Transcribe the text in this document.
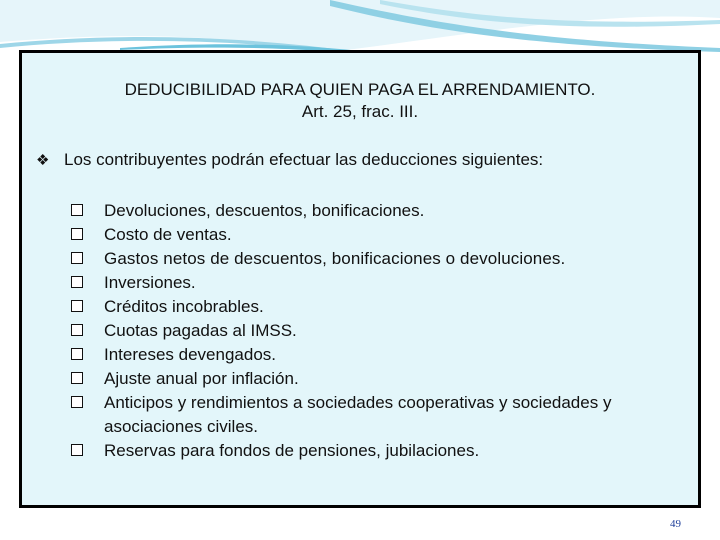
DEDUCIBILIDAD PARA QUIEN PAGA EL ARRENDAMIENTO.
Art. 25, frac. III.
❖ Los contribuyentes podrán efectuar las deducciones siguientes:
Devoluciones, descuentos, bonificaciones.
Costo de ventas.
Gastos netos de descuentos, bonificaciones o devoluciones.
Inversiones.
Créditos incobrables.
Cuotas pagadas al IMSS.
Intereses devengados.
Ajuste anual por inflación.
Anticipos y rendimientos a sociedades cooperativas y sociedades y asociaciones civiles.
Reservas para fondos de pensiones, jubilaciones.
49
